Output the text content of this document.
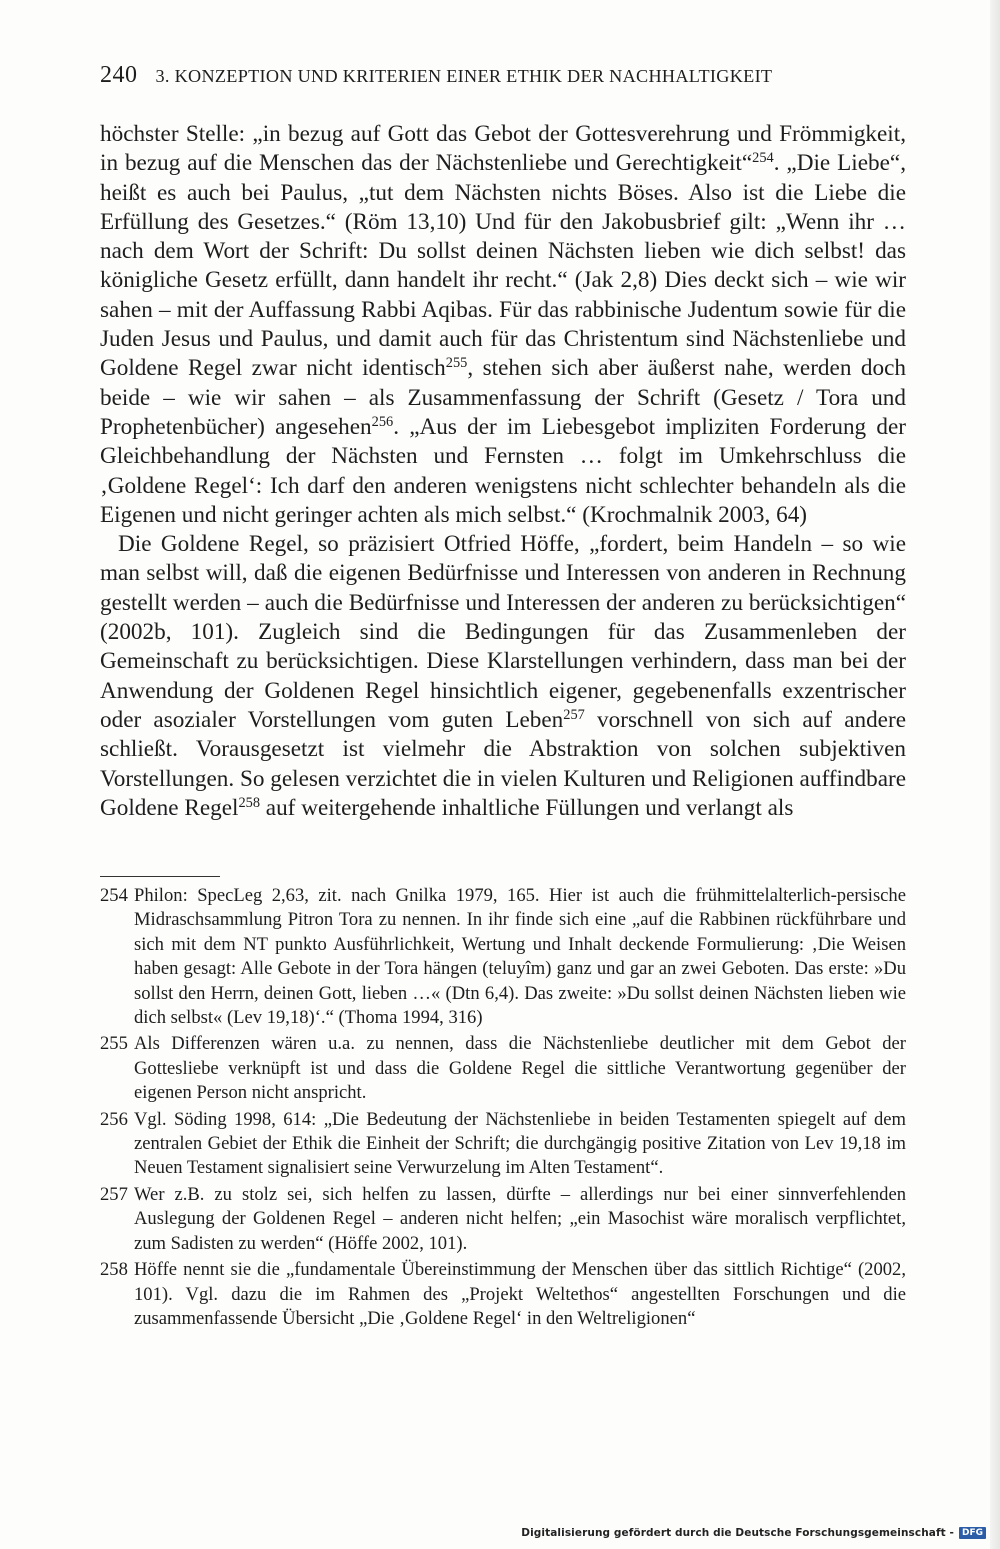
240 3. KONZEPTION UND KRITERIEN EINER ETHIK DER NACHHALTIGKEIT

höchster Stelle: „in bezug auf Gott das Gebot der Gottesverehrung und Frömmigkeit, in bezug auf die Menschen das der Nächstenliebe und Gerechtigkeit“$^{254}$. „Die Liebe“, heißt es auch bei Paulus, „tut dem Nächsten nichts Böses. Also ist die Liebe die Erfüllung des Gesetzes.“ (Röm 13,10) Und für den Jakobusbrief gilt: „Wenn ihr … nach dem Wort der Schrift: Du sollst deinen Nächsten lieben wie dich selbst! das königliche Gesetz erfüllt, dann handelt ihr recht.“ (Jak 2,8) Dies deckt sich – wie wir sahen – mit der Auffassung Rabbi Aqibas. Für das rabbinische Judentum sowie für die Juden Jesus und Paulus, und damit auch für das Christentum sind Nächstenliebe und Goldene Regel zwar nicht identisch$^{255}$, stehen sich aber äußerst nahe, werden doch beide – wie wir sahen – als Zusammenfassung der Schrift (Gesetz / Tora und Prophetenbücher) angesehen$^{256}$. „Aus der im Liebesgebot impliziten Forderung der Gleichbehandlung der Nächsten und Fernsten … folgt im Umkehrschluss die ‚Goldene Regel‘: Ich darf den anderen wenigstens nicht schlechter behandeln als die Eigenen und nicht geringer achten als mich selbst.“ (Krochmalnik 2003, 64)

Die Goldene Regel, so präzisiert Otfried Höffe, „fordert, beim Handeln – so wie man selbst will, daß die eigenen Bedürfnisse und Interessen von anderen in Rechnung gestellt werden – auch die Bedürfnisse und Interessen der anderen zu berücksichtigen“ (2002b, 101). Zugleich sind die Bedingungen für das Zusammenleben der Gemeinschaft zu berücksichtigen. Diese Klarstellungen verhindern, dass man bei der Anwendung der Goldenen Regel hinsichtlich eigener, gegebenenfalls exzentrischer oder asozialer Vorstellungen vom guten Leben$^{257}$ vorschnell von sich auf andere schließt. Vorausgesetzt ist vielmehr die Abstraktion von solchen subjektiven Vorstellungen. So gelesen verzichtet die in vielen Kulturen und Religionen auffindbare Goldene Regel$^{258}$ auf weitergehende inhaltliche Füllungen und verlangt als

254 Philon: SpecLeg 2,63, zit. nach Gnilka 1979, 165. Hier ist auch die frühmittelalterlich-persische Midraschsammlung Pitron Tora zu nennen. In ihr finde sich eine „auf die Rabbinen rückführbare und sich mit dem NT punkto Ausführlichkeit, Wertung und Inhalt deckende Formulierung: ‚Die Weisen haben gesagt: Alle Gebote in der Tora hängen (teluyîm) ganz und gar an zwei Geboten. Das erste: »Du sollst den Herrn, deinen Gott, lieben …« (Dtn 6,4). Das zweite: »Du sollst deinen Nächsten lieben wie dich selbst« (Lev 19,18)‘.“ (Thoma 1994, 316)
255 Als Differenzen wären u.a. zu nennen, dass die Nächstenliebe deutlicher mit dem Gebot der Gottesliebe verknüpft ist und dass die Goldene Regel die sittliche Verantwortung gegenüber der eigenen Person nicht anspricht.
256 Vgl. Söding 1998, 614: „Die Bedeutung der Nächstenliebe in beiden Testamenten spiegelt auf dem zentralen Gebiet der Ethik die Einheit der Schrift; die durchgängig positive Zitation von Lev 19,18 im Neuen Testament signalisiert seine Verwurzelung im Alten Testament“.
257 Wer z.B. zu stolz sei, sich helfen zu lassen, dürfte – allerdings nur bei einer sinnverfehlenden Auslegung der Goldenen Regel – anderen nicht helfen; „ein Masochist wäre moralisch verpflichtet, zum Sadisten zu werden“ (Höffe 2002, 101).
258 Höffe nennt sie die „fundamentale Übereinstimmung der Menschen über das sittlich Richtige“ (2002, 101). Vgl. dazu die im Rahmen des „Projekt Weltethos“ angestellten Forschungen und die zusammenfassende Übersicht „Die ‚Goldene Regel‘ in den Weltreligionen“
Digitalisierung gefördert durch die Deutsche Forschungsgemeinschaft - DFG
